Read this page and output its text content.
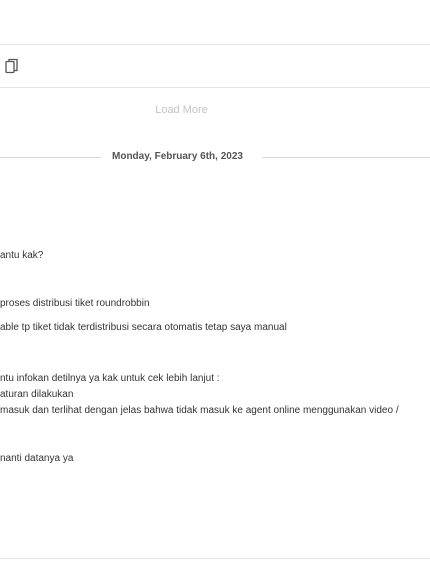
Load More
Monday, February 6th, 2023
antu kak?
proses distribusi tiket roundrobbin
able tp tiket tidak terdistribusi secara otomatis tetap saya manual
ntu infokan detilnya ya kak untuk cek lebih lanjut :
aturan dilakukan
masuk dan terlihat dengan jelas bahwa tidak masuk ke agent online menggunakan video /
nanti datanya ya
